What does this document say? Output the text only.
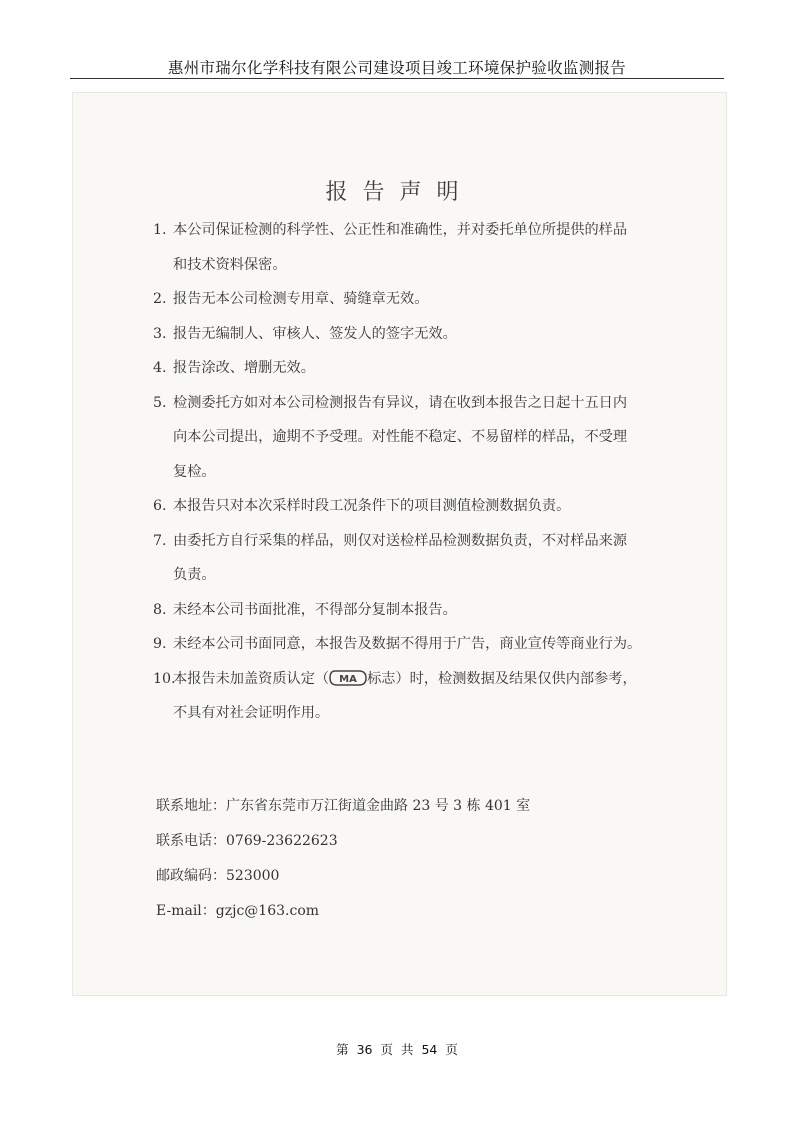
惠州市瑞尔化学科技有限公司建设项目竣工环境保护验收监测报告
报告声明
1. 本公司保证检测的科学性、公正性和准确性，并对委托单位所提供的样品
和技术资料保密。
2. 报告无本公司检测专用章、骑缝章无效。
3. 报告无编制人、审核人、签发人的签字无效。
4. 报告涂改、增删无效。
5. 检测委托方如对本公司检测报告有异议，请在收到本报告之日起十五日内
向本公司提出，逾期不予受理。对性能不稳定、不易留样的样品，不受理
复检。
6. 本报告只对本次采样时段工况条件下的项目测值检测数据负责。
7. 由委托方自行采集的样品，则仅对送检样品检测数据负责，不对样品来源
负责。
8. 未经本公司书面批准，不得部分复制本报告。
9. 未经本公司书面同意，本报告及数据不得用于广告，商业宣传等商业行为。
10.
本报告未加盖资质认定（ MA 标志）时，检测数据及结果仅供内部参考，
不具有对社会证明作用。
联系地址：广东省东莞市万江街道金曲路 23 号 3 栋 401 室
联系电话：0769-23622623
邮政编码：523000
E-mail：gzjc@163.com
第 36 页 共 54 页
